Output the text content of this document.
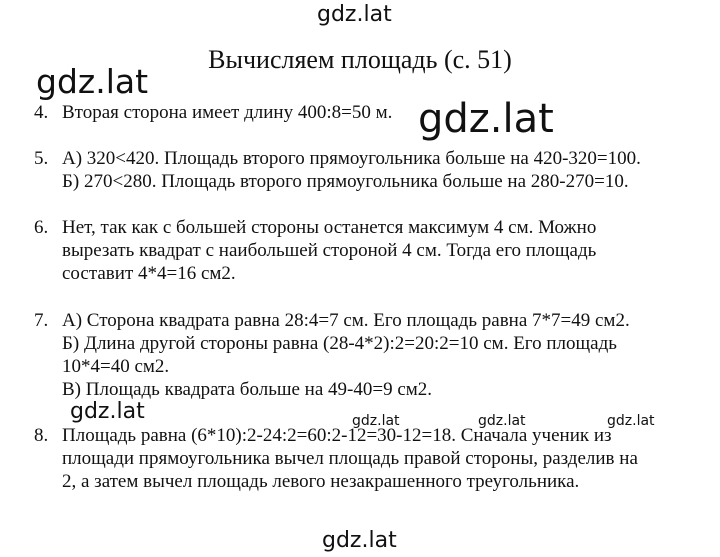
gdz.lat
Вычисляем площадь (с. 51)
gdz.lat
gdz.lat
4. Вторая сторона имеет длину 400:8=50 м.
5. А) 320<420. Площадь второго прямоугольника больше на 420-320=100.
Б) 270<280. Площадь второго прямоугольника больше на 280-270=10.
6. Нет, так как с большей стороны останется максимум 4 см. Можно
вырезать квадрат с наибольшей стороной 4 см. Тогда его площадь
составит 4*4=16 см2.
7. А) Сторона квадрата равна 28:4=7 см. Его площадь равна 7*7=49 см2.
Б) Длина другой стороны равна (28-4*2):2=20:2=10 см. Его площадь
10*4=40 см2.
В) Площадь квадрата больше на 49-40=9 см2.
gdz.lat	gdz.lat	gdz.lat	gdz.lat
8. Площадь равна (6*10):2-24:2=60:2-12=30-12=18. Сначала ученик из
площади прямоугольника вычел площадь правой стороны, разделив на
2, а затем вычел площадь левого незакрашенного треугольника.
gdz.lat
